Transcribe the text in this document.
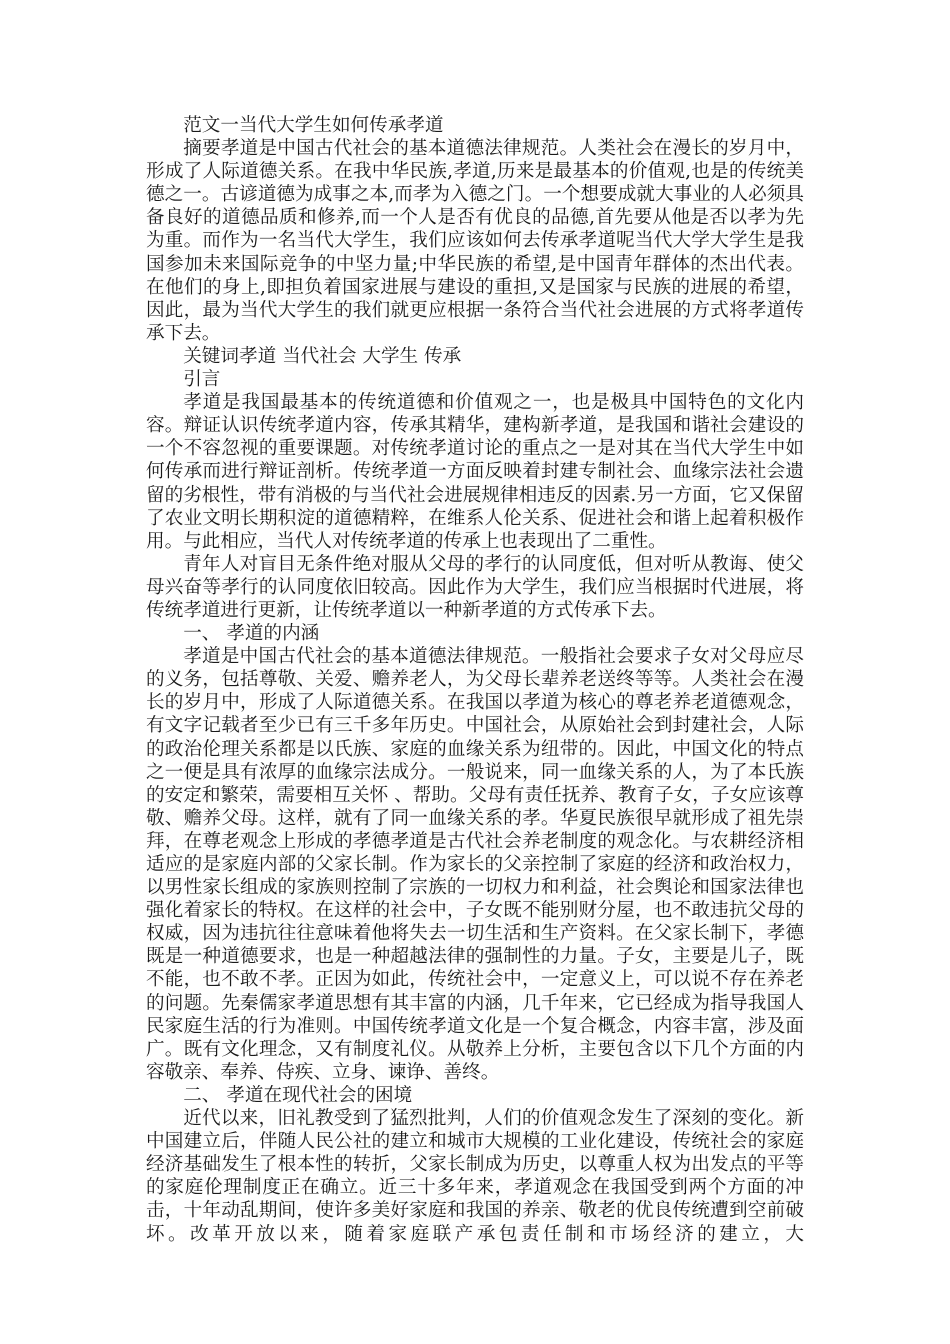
范文一当代大学生如何传承孝道

摘要孝道是中国古代社会的基本道德法律规范。人类社会在漫长的岁月中，形成了人际道德关系。在我中华民族,孝道,历来是最基本的价值观,也是的传统美德之一。古谚道德为成事之本,而孝为入德之门。一个想要成就大事业的人必须具备良好的道德品质和修养,而一个人是否有优良的品德,首先要从他是否以孝为先为重。而作为一名当代大学生，我们应该如何去传承孝道呢当代大学大学生是我国参加未来国际竞争的中坚力量;中华民族的希望,是中国青年群体的杰出代表。在他们的身上,即担负着国家进展与建设的重担,又是国家与民族的进展的希望，因此，最为当代大学生的我们就更应根据一条符合当代社会进展的方式将孝道传承下去。

关键词孝道 当代社会 大学生 传承

引言

孝道是我国最基本的传统道德和价值观之一，也是极具中国特色的文化内容。辩证认识传统孝道内容，传承其精华，建构新孝道，是我国和谐社会建设的一个不容忽视的重要课题。对传统孝道讨论的重点之一是对其在当代大学生中如何传承而进行辩证剖析。传统孝道一方面反映着封建专制社会、血缘宗法社会遗留的劣根性，带有消极的与当代社会进展规律相违反的因素.另一方面，它又保留了农业文明长期积淀的道德精粹，在维系人伦关系、促进社会和谐上起着积极作用。与此相应，当代人对传统孝道的传承上也表现出了二重性。

青年人对盲目无条件绝对服从父母的孝行的认同度低，但对听从教诲、使父母兴奋等孝行的认同度依旧较高。因此作为大学生，我们应当根据时代进展，将传统孝道进行更新，让传统孝道以一种新孝道的方式传承下去。

一、 孝道的内涵

孝道是中国古代社会的基本道德法律规范。一般指社会要求子女对父母应尽的义务，包括尊敬、关爱、赡养老人，为父母长辈养老送终等等。人类社会在漫长的岁月中，形成了人际道德关系。在我国以孝道为核心的尊老养老道德观念，有文字记载者至少已有三千多年历史。中国社会，从原始社会到封建社会，人际的政治伦理关系都是以氏族、家庭的血缘关系为纽带的。因此，中国文化的特点之一便是具有浓厚的血缘宗法成分。一般说来，同一血缘关系的人，为了本氏族的安定和繁荣，需要相互关怀 、帮助。父母有责任抚养、教育子女，子女应该尊敬、赡养父母。这样，就有了同一血缘关系的孝。华夏民族很早就形成了祖先崇拜，在尊老观念上形成的孝德孝道是古代社会养老制度的观念化。与农耕经济相适应的是家庭内部的父家长制。作为家长的父亲控制了家庭的经济和政治权力，以男性家长组成的家族则控制了宗族的一切权力和利益，社会舆论和国家法律也强化着家长的特权。在这样的社会中，子女既不能别财分屋，也不敢违抗父母的权威，因为违抗往往意味着他将失去一切生活和生产资料。在父家长制下，孝德既是一种道德要求，也是一种超越法律的强制性的力量。子女，主要是儿子，既不能，也不敢不孝。正因为如此，传统社会中，一定意义上，可以说不存在养老的问题。先秦儒家孝道思想有其丰富的内涵，几千年来，它已经成为指导我国人民家庭生活的行为准则。中国传统孝道文化是一个复合概念，内容丰富，涉及面广。既有文化理念，又有制度礼仪。从敬养上分析，主要包含以下几个方面的内容敬亲、奉养、侍疾、立身、谏诤、善终。

二、 孝道在现代社会的困境

近代以来，旧礼教受到了猛烈批判，人们的价值观念发生了深刻的变化。新中国建立后，伴随人民公社的建立和城市大规模的工业化建设，传统社会的家庭经济基础发生了根本性的转折，父家长制成为历史，以尊重人权为出发点的平等的家庭伦理制度正在确立。近三十多年来，孝道观念在我国受到两个方面的冲击，十年动乱期间，使许多美好家庭和我国的养亲、敬老的优良传统遭到空前破坏。改革开放以来，随着家庭联产承包责任制和市场经济的建立，大
